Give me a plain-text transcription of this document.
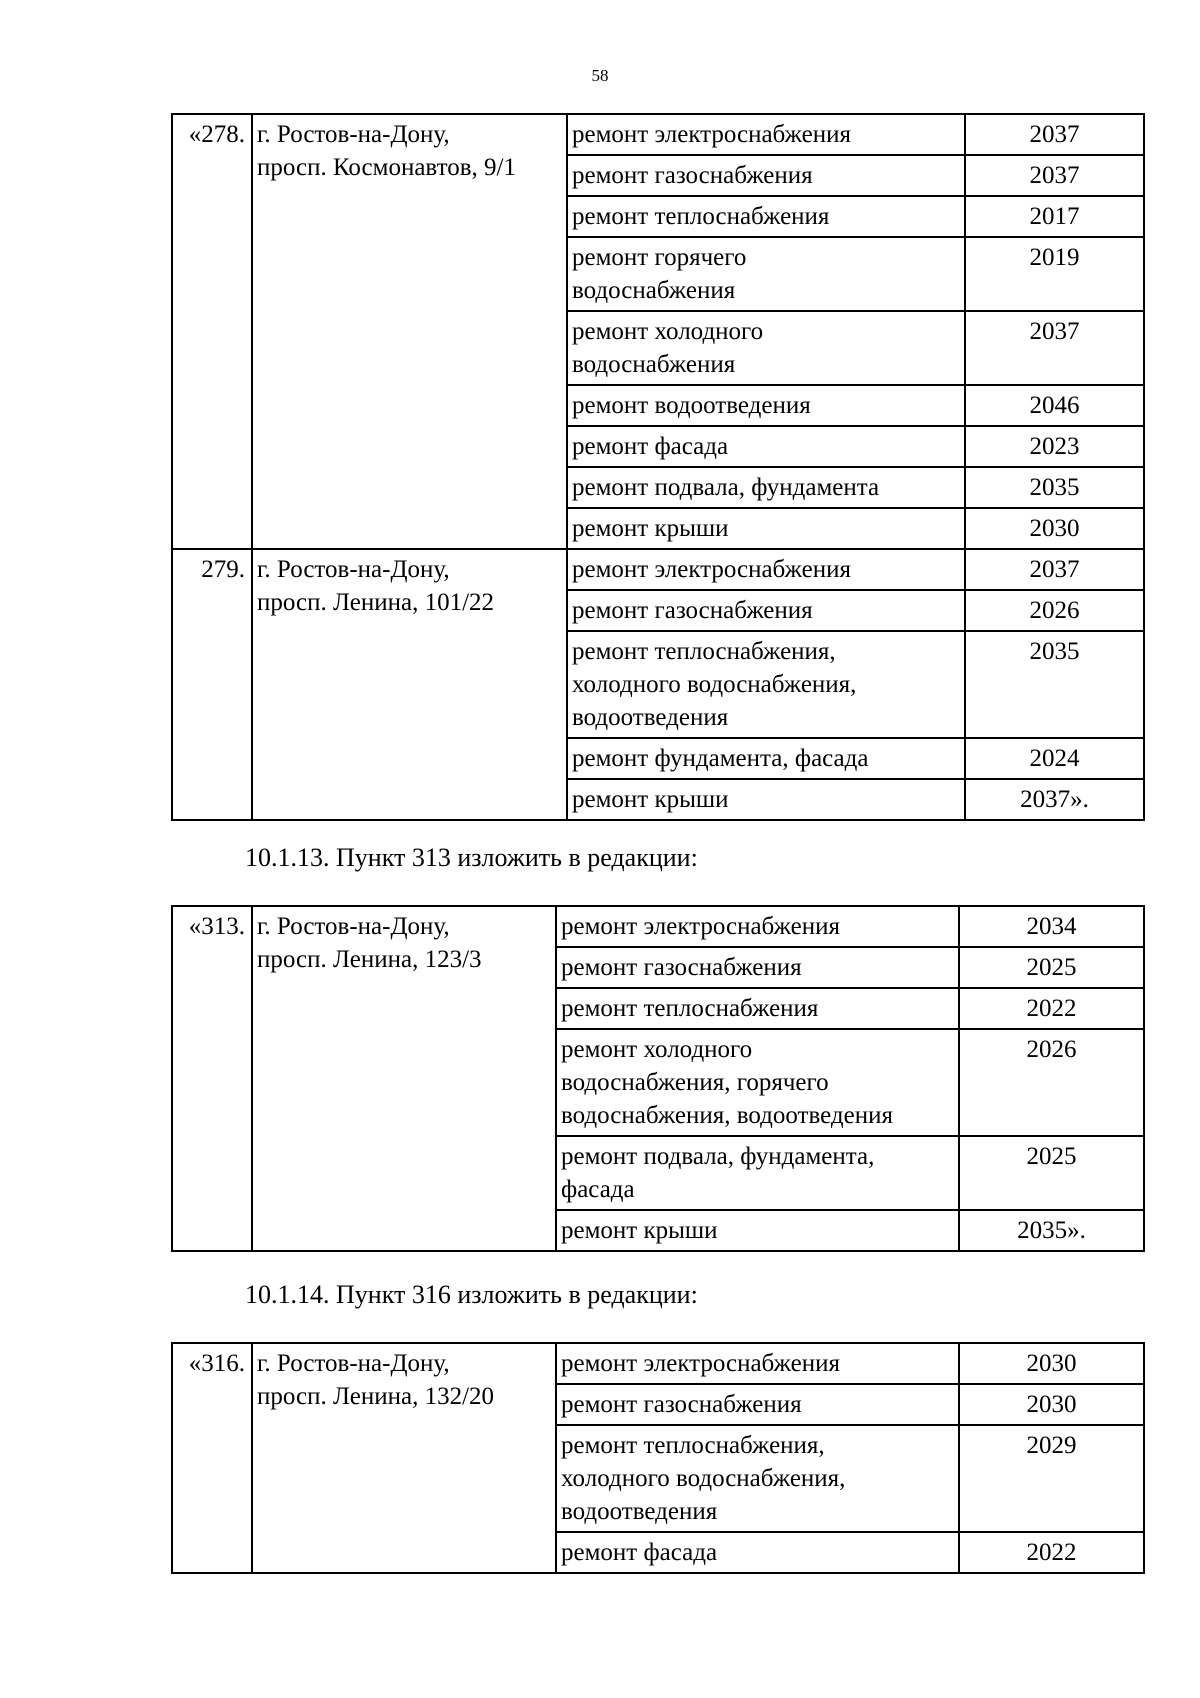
58
«278.	г. Ростов-на-Дону,
просп. Космонавтов, 9/1	ремонт электроснабжения	2037
		ремонт газоснабжения	2037
		ремонт теплоснабжения	2017
		ремонт горячего
водоснабжения	2019
		ремонт холодного
водоснабжения	2037
		ремонт водоотведения	2046
		ремонт фасада	2023
		ремонт подвала, фундамента	2035
		ремонт крыши	2030
279.	г. Ростов-на-Дону,
просп. Ленина, 101/22	ремонт электроснабжения	2037
		ремонт газоснабжения	2026
		ремонт теплоснабжения,
холодного водоснабжения,
водоотведения	2035
		ремонт фундамента, фасада	2024
		ремонт крыши	2037».
10.1.13. Пункт 313 изложить в редакции:
«313.	г. Ростов-на-Дону,
просп. Ленина, 123/3	ремонт электроснабжения	2034
		ремонт газоснабжения	2025
		ремонт теплоснабжения	2022
		ремонт холодного
водоснабжения, горячего
водоснабжения, водоотведения	2026
		ремонт подвала, фундамента,
фасада	2025
		ремонт крыши	2035».
10.1.14. Пункт 316 изложить в редакции:
«316.	г. Ростов-на-Дону,
просп. Ленина, 132/20	ремонт электроснабжения	2030
		ремонт газоснабжения	2030
		ремонт теплоснабжения,
холодного водоснабжения,
водоотведения	2029
		ремонт фасада	2022
